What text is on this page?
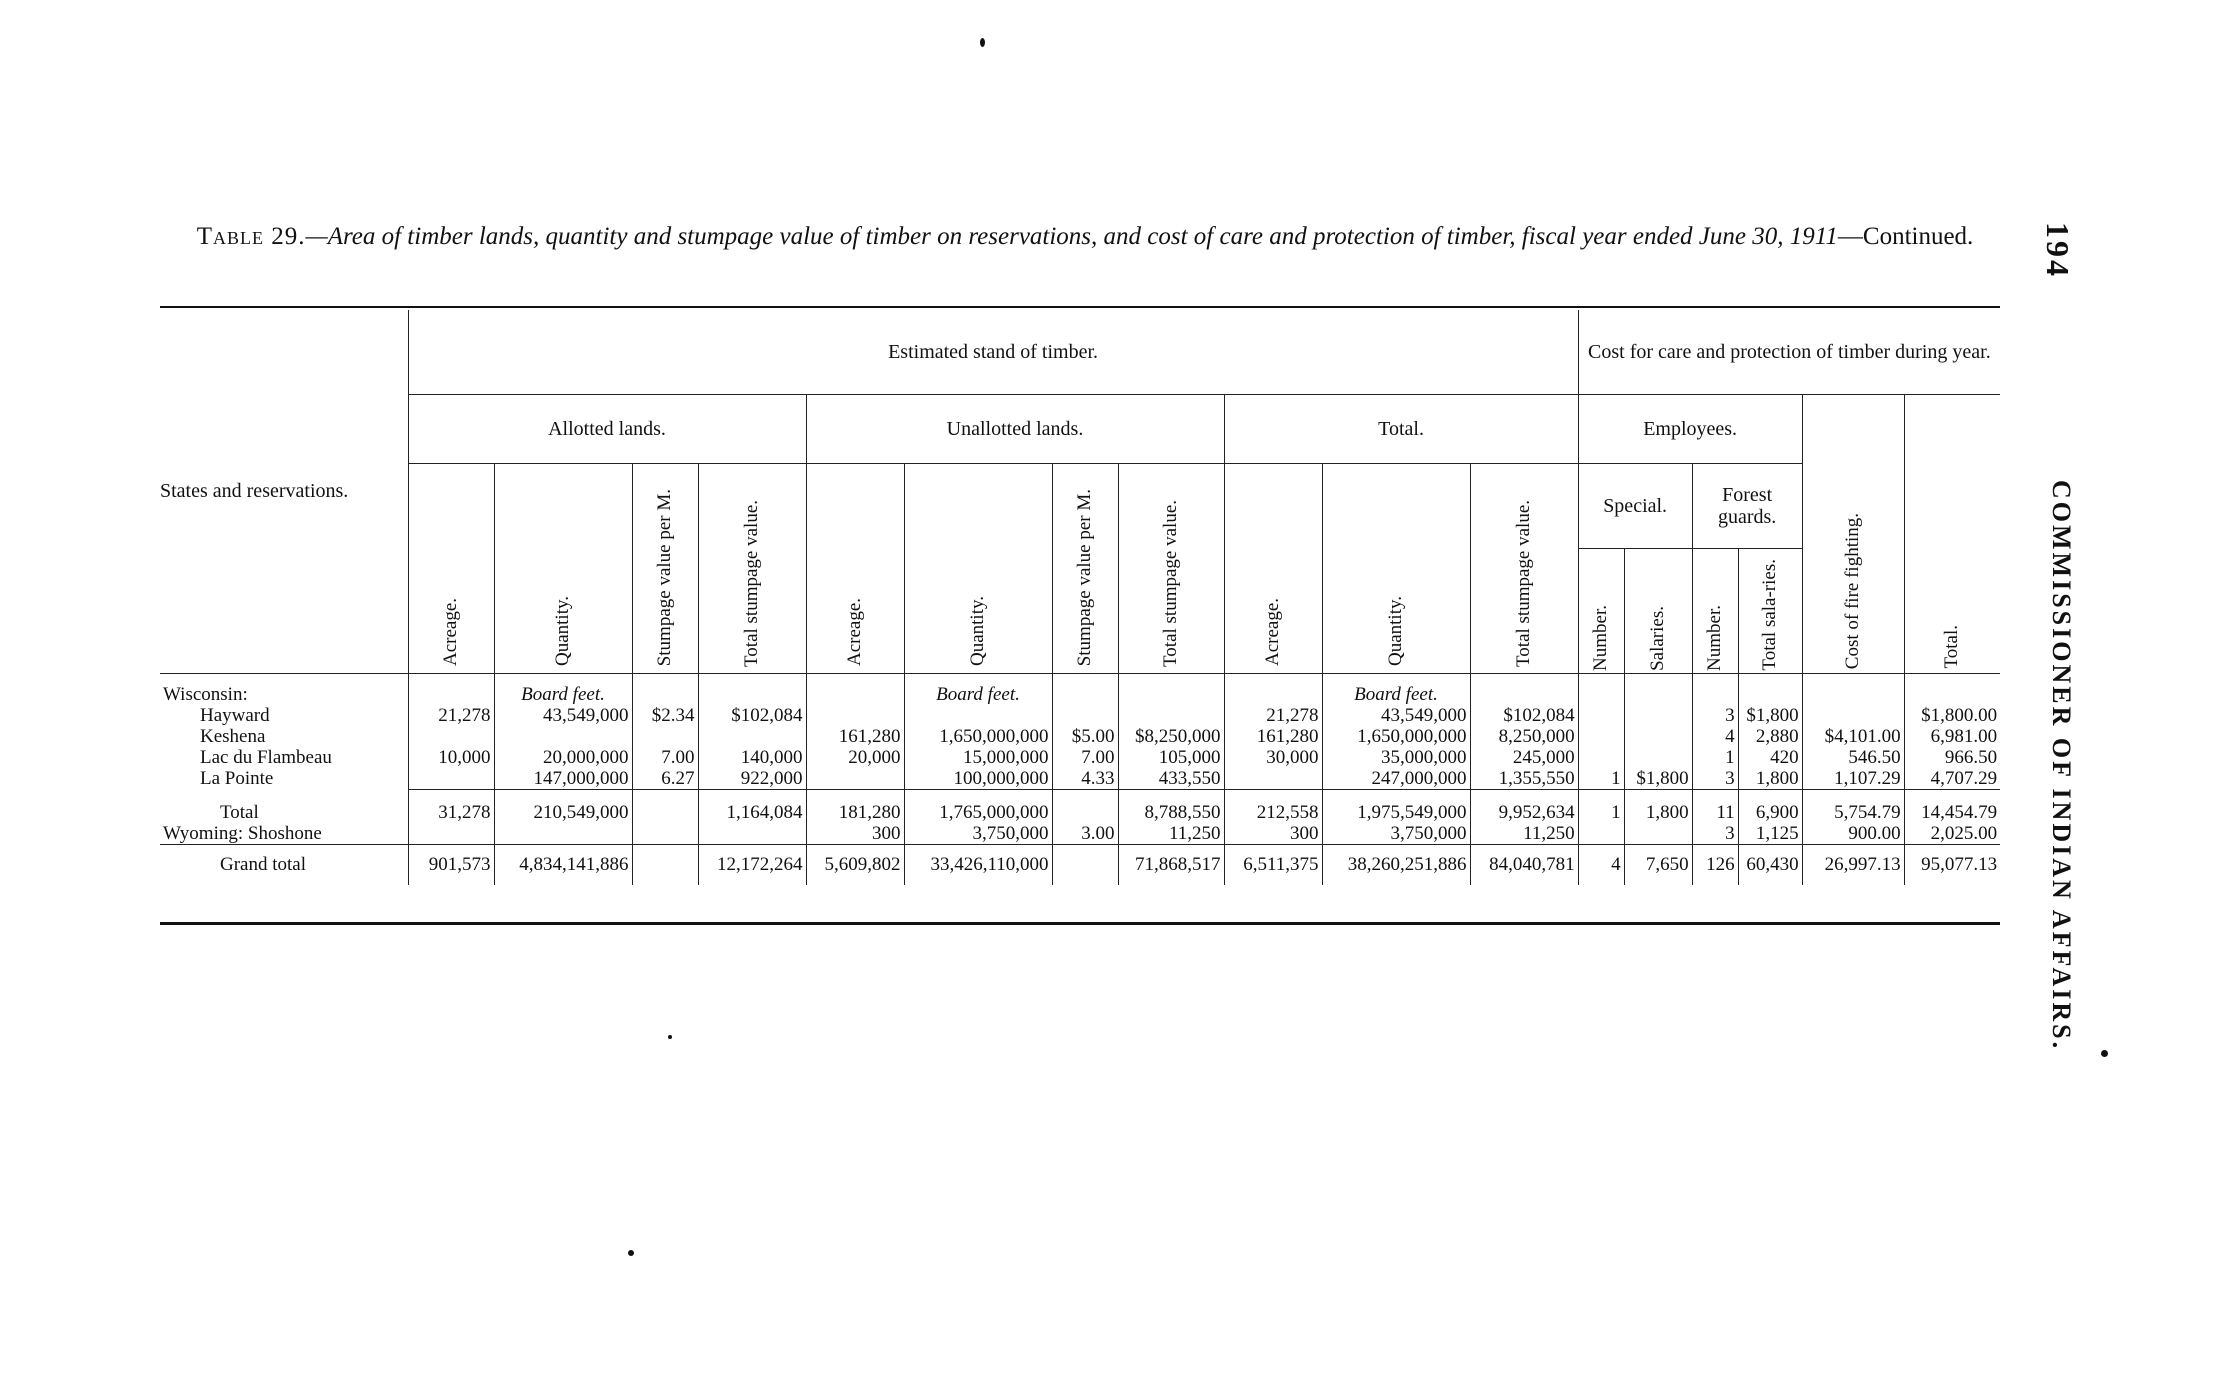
Table 29.—Area of timber lands, quantity and stumpage value of timber on reservations, and cost of care and protection of timber, fiscal year ended June 30, 1911—Continued.	194
COMMISSIONER OF INDIAN AFFAIRS.
States and reservations.	Estimated stand of timber.											Cost for care and protection of timber during year.					
	Allotted lands.				Unallotted lands.				Total.			Employees.				Cost of fire fighting.	Total.

	Acreage.	Quantity.	Stumpage value per M.	Total stumpage value.	Acreage.	Quantity.	Stumpage value per M.	Total stumpage value.	Acreage.	Quantity.	Total stumpage value.	Special.		Forest guards.			

												Number.	Salaries.	Number.	Total sala-ries.		

Wisconsin:		Board feet.				Board feet.				Board feet.							
Hayward	21,278	43,549,000	$2.34	$102,084					21,278	43,549,000	$102,084			3	$1,800		$1,800.00
Keshena					161,280	1,650,000,000	$5.00	$8,250,000	161,280	1,650,000,000	8,250,000			4	2,880	$4,101.00	6,981.00
Lac du Flambeau	10,000	20,000,000	7.00	140,000	20,000	15,000,000	7.00	105,000	30,000	35,000,000	245,000			1	420	546.50	966.50
La Pointe		147,000,000	6.27	922,000		100,000,000	4.33	433,550		247,000,000	1,355,550	1	$1,800	3	1,800	1,107.29	4,707.29
Total	31,278	210,549,000		1,164,084	181,280	1,765,000,000		8,788,550	212,558	1,975,549,000	9,952,634	1	1,800	11	6,900	5,754.79	14,454.79
Wyoming: Shoshone					300	3,750,000	3.00	11,250	300	3,750,000	11,250			3	1,125	900.00	2,025.00
Grand total	901,573	4,834,141,886		12,172,264	5,609,802	33,426,110,000		71,868,517	6,511,375	38,260,251,886	84,040,781	4	7,650	126	60,430	26,997.13	95,077.13
